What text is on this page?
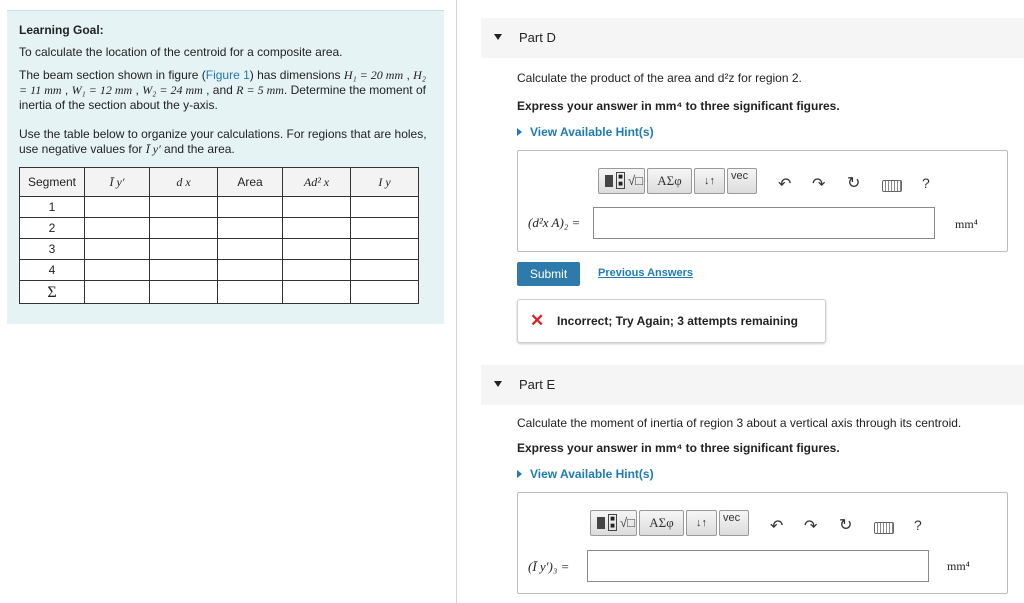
Learning Goal:

To calculate the location of the centroid for a composite area.

The beam section shown in figure (Figure 1) has dimensions H₁ = 20 mm , H₂ = 11 mm , W₁ = 12 mm , W₂ = 24 mm , and R = 5 mm. Determine the moment of inertia of the section about the y-axis.

Use the table below to organize your calculations. For regions that are holes, use negative values for Ī y′ and the area.

Segment	Ī y′	d x	Area	Ad² x	I y
1					
2					
3					
4					
Σ					
Part D
Calculate the product of the area and d²z for region 2.
Express your answer in mm⁴ to three significant figures.
View Available Hint(s)
■
■ √□	AΣφ	↓↑	vec	↶ ↷ ↻	?
(d²x A)₂ =	mm⁴
Submit	Previous Answers
✕ Incorrect; Try Again; 3 attempts remaining
Part E
Calculate the moment of inertia of region 3 about a vertical axis through its centroid.
Express your answer in mm⁴ to three significant figures.
View Available Hint(s)
■
■ √□	AΣφ	↓↑	vec	↶ ↷ ↻	?
(Ī y′)₃ =	mm⁴
